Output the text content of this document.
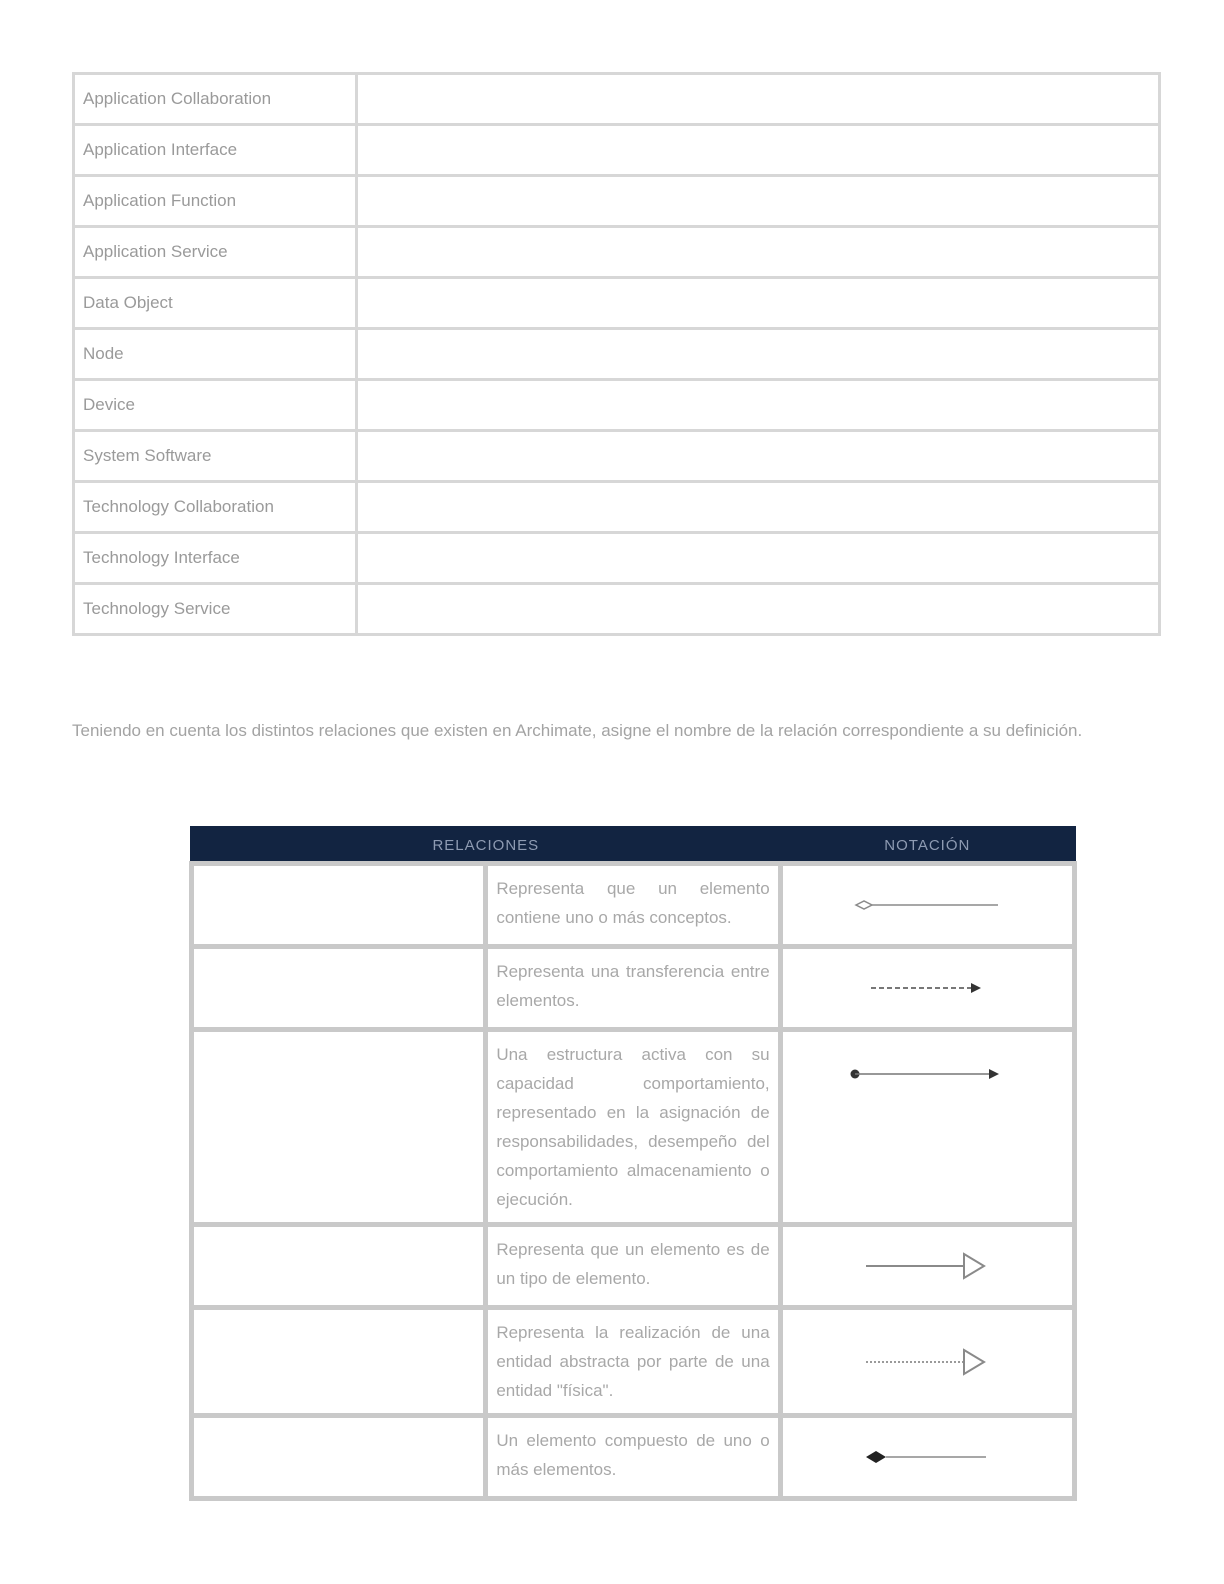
Application Collaboration	
Application Interface	
Application Function	
Application Service	
Data Object	
Node	
Device	
System Software	
Technology Collaboration	
Technology Interface	
Technology Service	

Teniendo en cuenta los distintos relaciones que existen en Archimate, asigne el nombre de la relación correspondiente a su definición.

RELACIONES		NOTACIÓN
	Representa que un elemento contiene uno o más conceptos.	

	Representa una transferencia entre elementos.	

	Una estructura activa con su capacidad comportamiento, representado en la asignación de responsabilidades, desempeño del comportamiento almacenamiento o ejecución.	

	Representa que un elemento es de un tipo de elemento.	

	Representa la realización de una entidad abstracta por parte de una entidad "física".	

	Un elemento compuesto de uno o más elementos.	
